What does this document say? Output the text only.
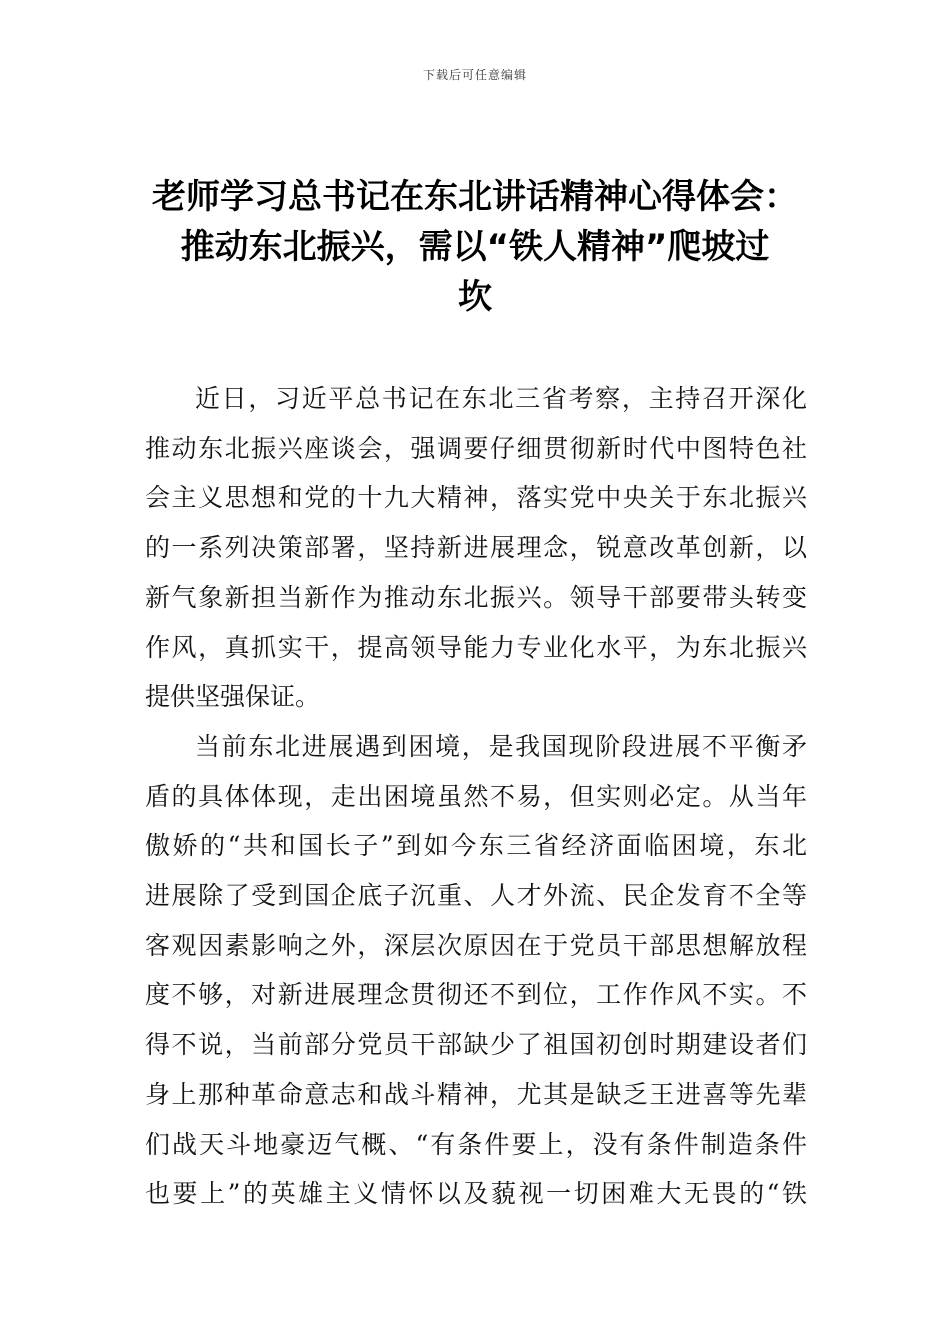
下载后可任意编辑
老师学习总书记在东北讲话精神心得体会：
推动东北振兴，需以“铁人精神”爬坡过
坎

近日，习近平总书记在东北三省考察，主持召开深化
推动东北振兴座谈会，强调要仔细贯彻新时代中图特色社
会主义思想和党的十九大精神，落实党中央关于东北振兴
的一系列决策部署，坚持新进展理念，锐意改革创新，以
新气象新担当新作为推动东北振兴。领导干部要带头转变
作风，真抓实干，提高领导能力专业化水平，为东北振兴
提供坚强保证。

当前东北进展遇到困境，是我国现阶段进展不平衡矛
盾的具体体现，走出困境虽然不易，但实则必定。从当年
傲娇的“共和国长子”到如今东三省经济面临困境，东北
进展除了受到国企底子沉重、人才外流、民企发育不全等
客观因素影响之外，深层次原因在于党员干部思想解放程
度不够，对新进展理念贯彻还不到位，工作作风不实。不
得不说，当前部分党员干部缺少了祖国初创时期建设者们
身上那种革命意志和战斗精神，尤其是缺乏王进喜等先辈
们战天斗地豪迈气概、“有条件要上，没有条件制造条件
也要上”的英雄主义情怀以及藐视一切困难大无畏的“铁
